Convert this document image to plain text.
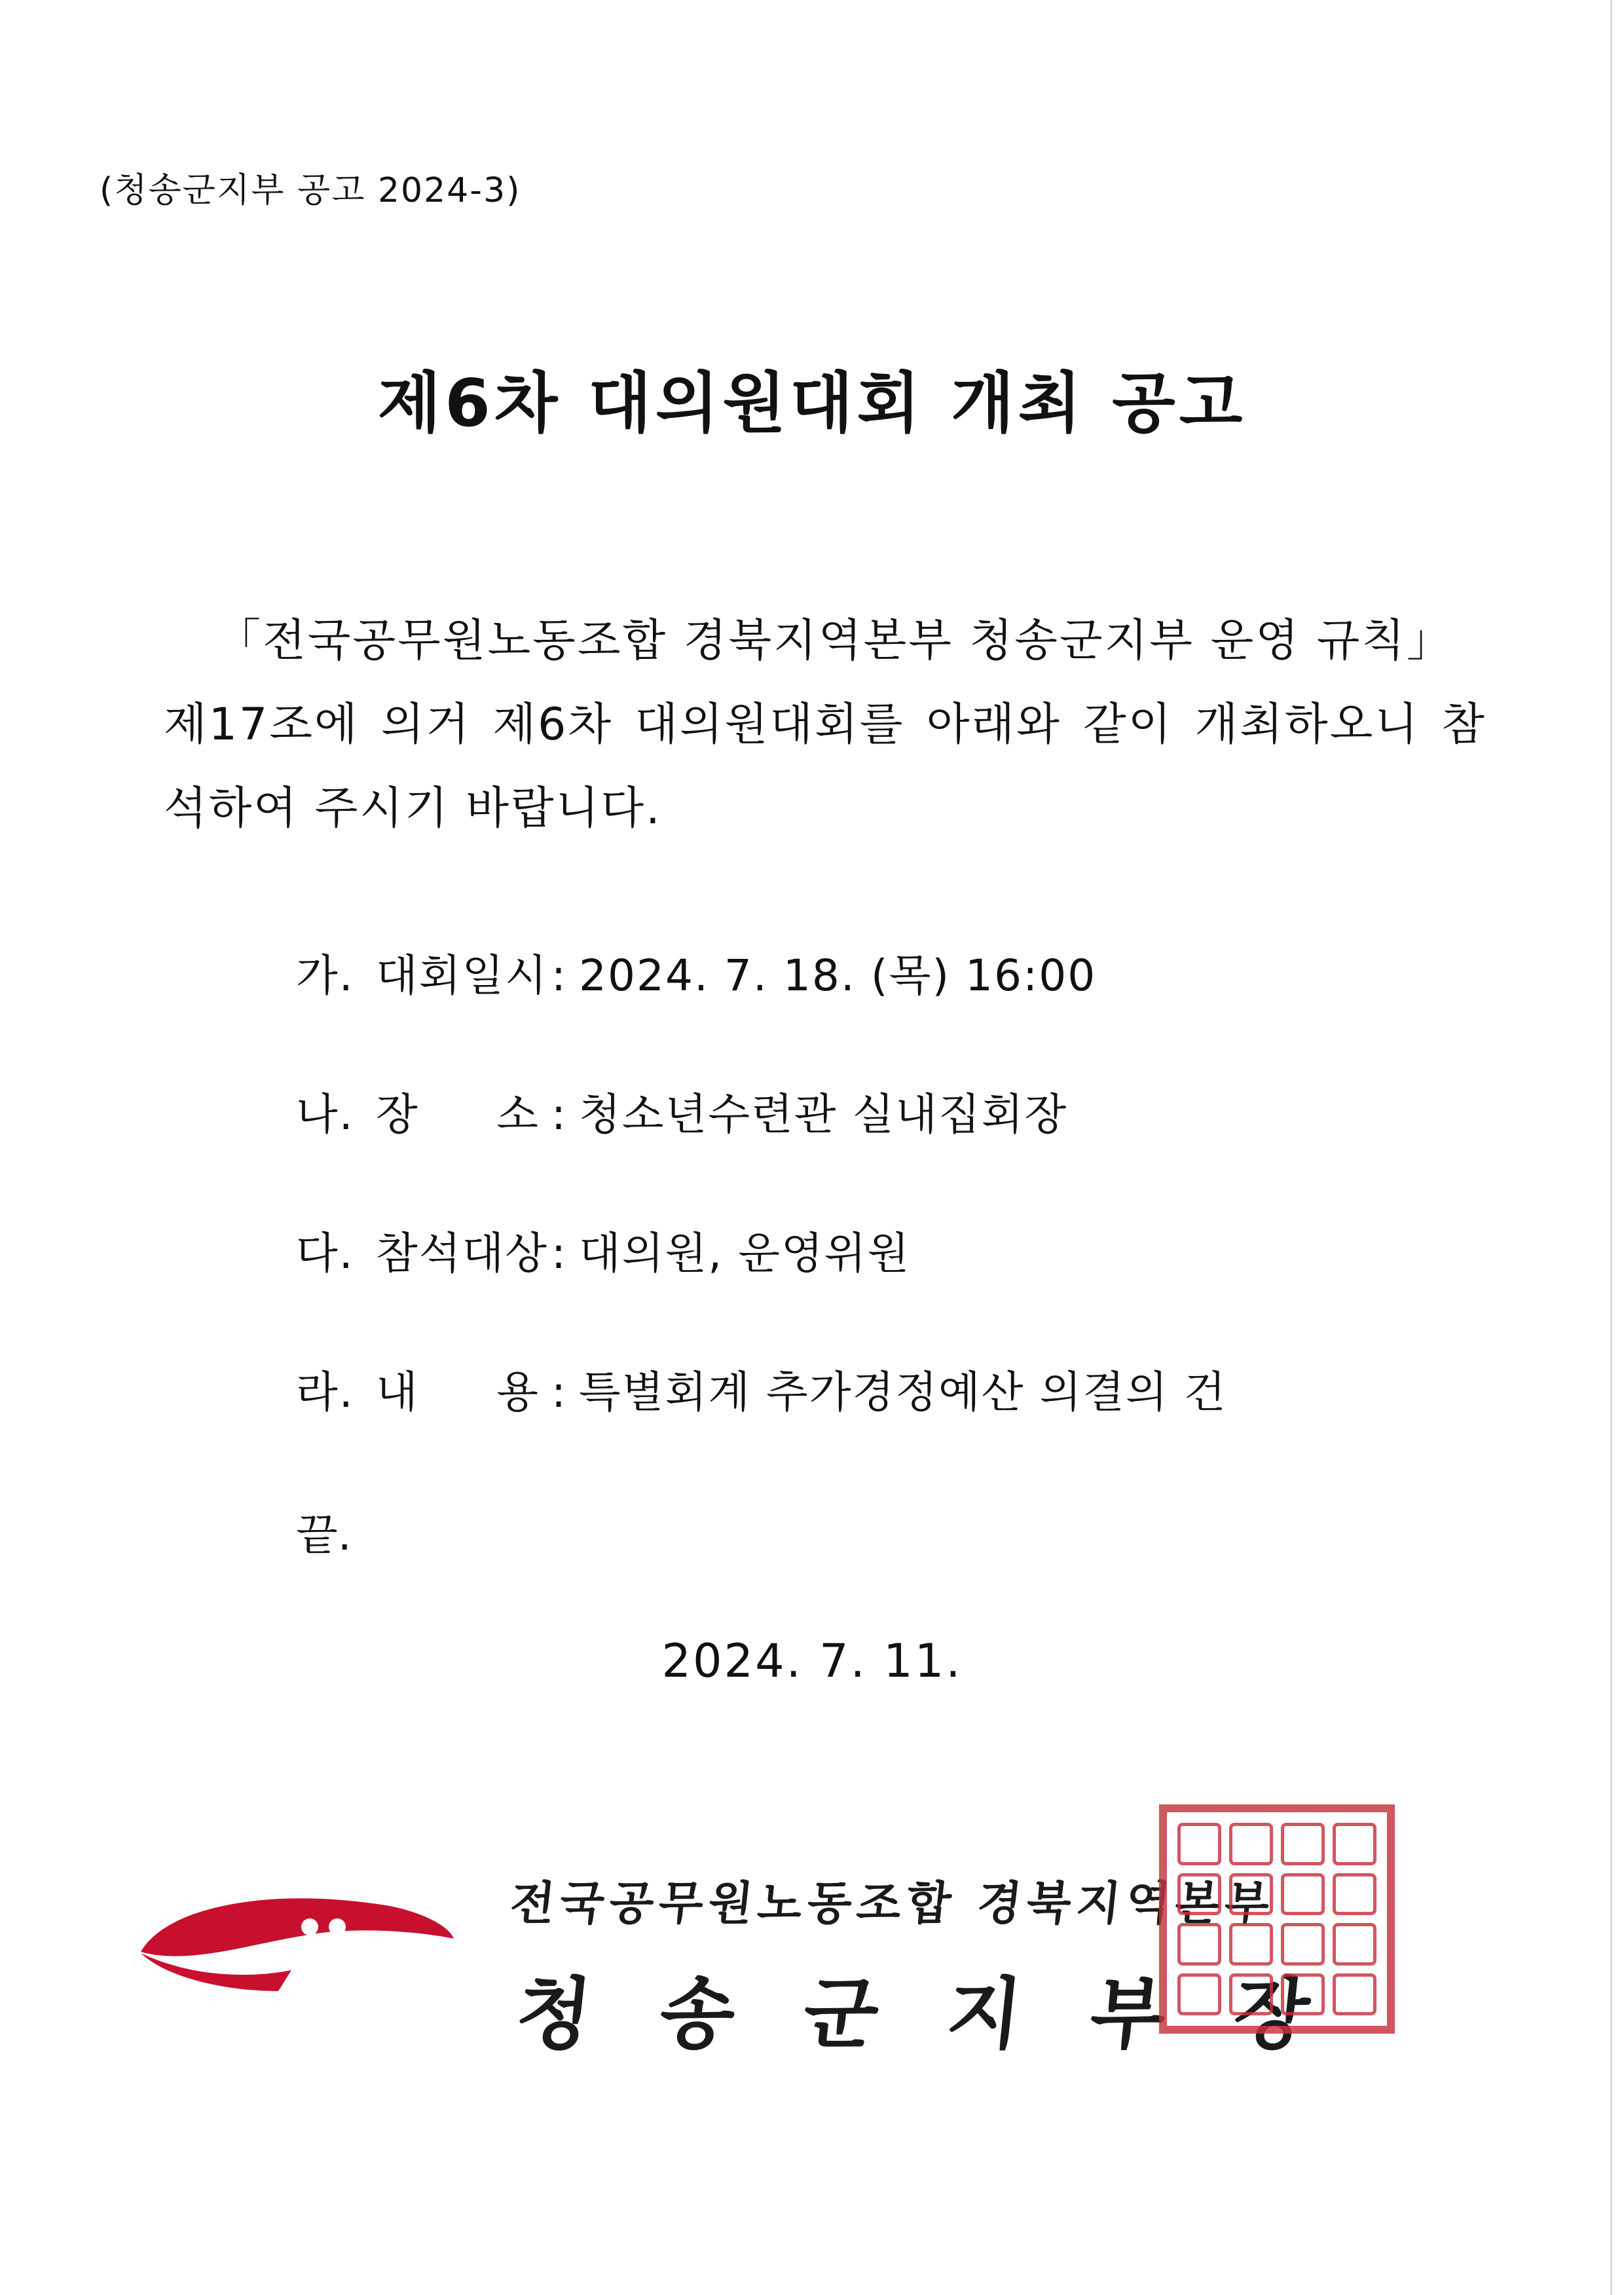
(청송군지부 공고 2024-3)
제6차 대의원대회 개최 공고
「전국공무원노동조합 경북지역본부 청송군지부 운영 규칙」
제17조에 의거 제6차 대의원대회를 아래와 같이 개최하오니 참석하여 주시기 바랍니다.
가. 대회일시: 2024. 7. 18. (목) 16:00
나. 장 소 : 청소년수련관 실내집회장
다. 참석대상: 대의원, 운영위원
라. 내 용 : 특별회계 추가경정예산 의결의 건
끝.
2024. 7. 11.
전국공무원노동조합 경북지역본부
청 송 군 지 부 장
